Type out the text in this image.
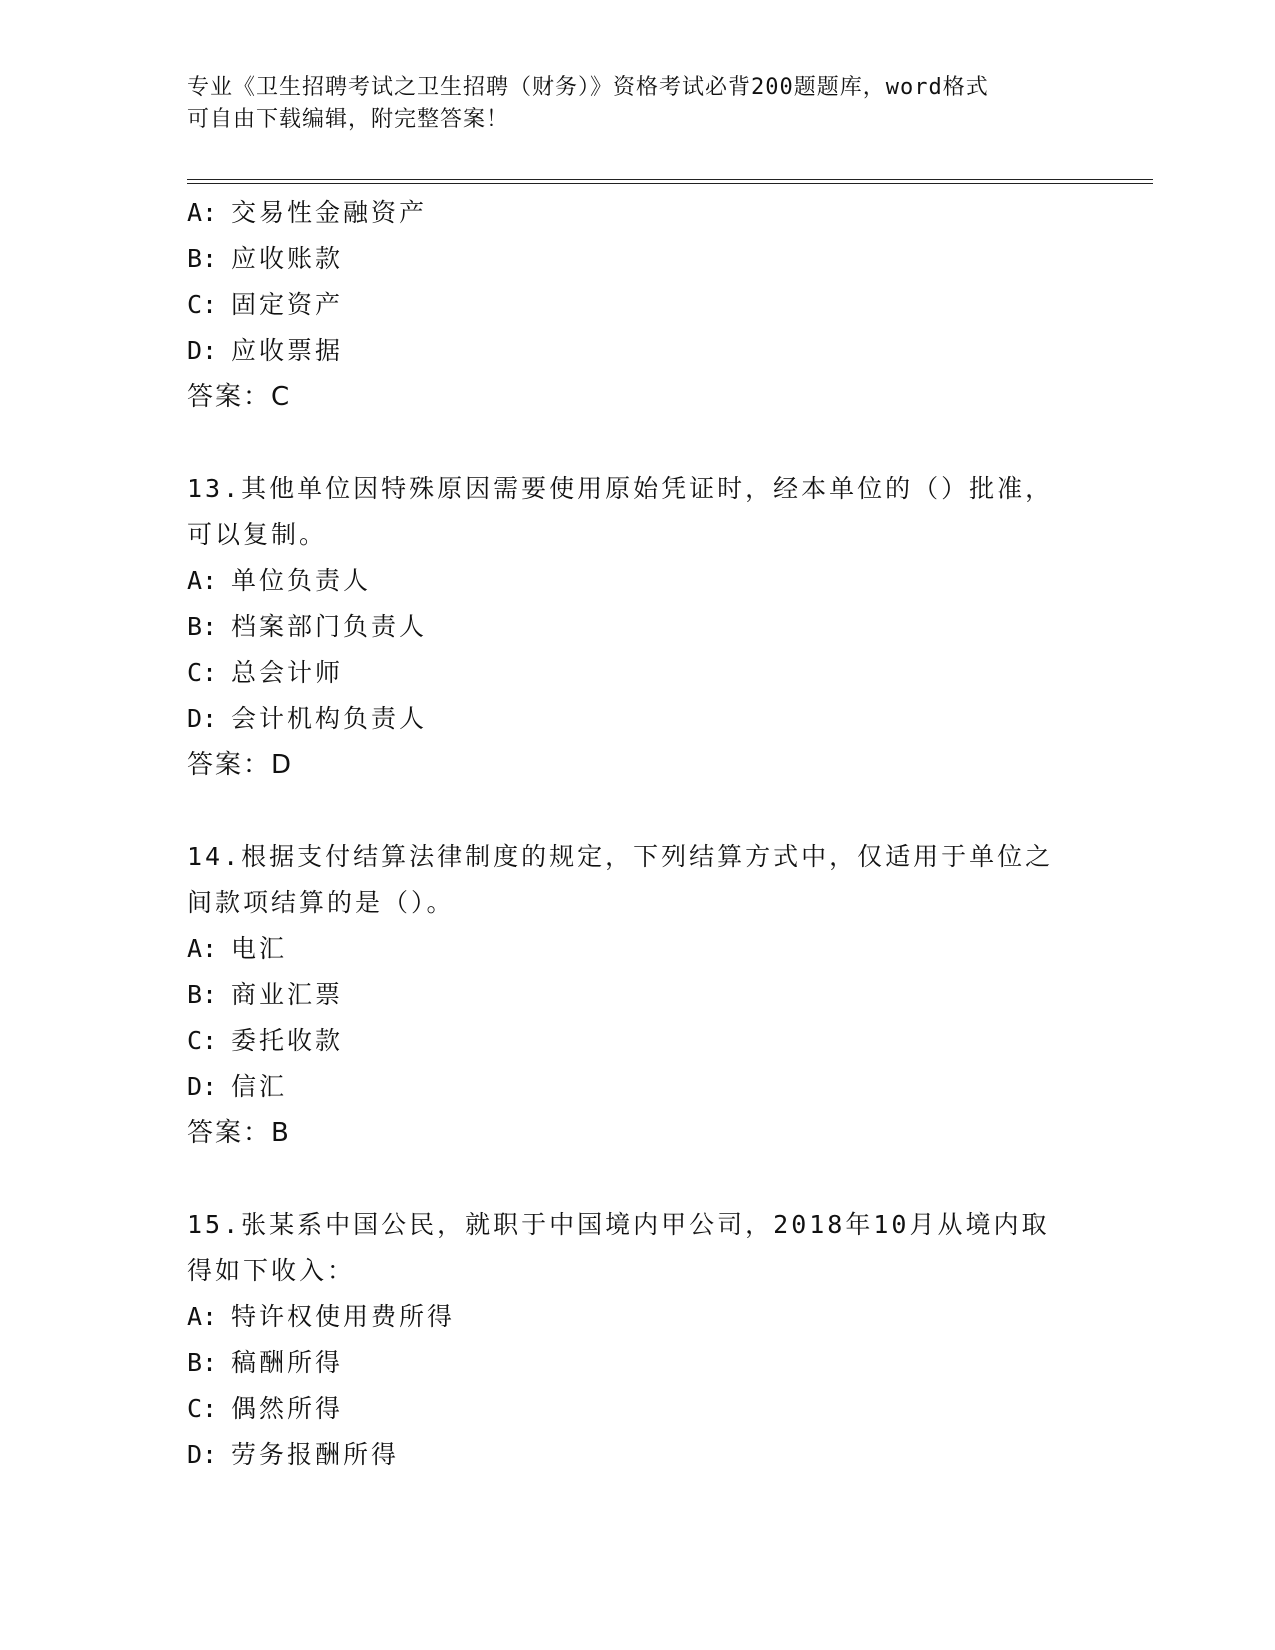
专业《卫生招聘考试之卫生招聘（财务）》资格考试必背200题题库，word格式
可自由下载编辑，附完整答案！
A: 交易性金融资产
B: 应收账款
C: 固定资产
D: 应收票据
答案：C
13.其他单位因特殊原因需要使用原始凭证时，经本单位的（）批准，
可以复制。
A: 单位负责人
B: 档案部门负责人
C: 总会计师
D: 会计机构负责人
答案：D
14.根据支付结算法律制度的规定，下列结算方式中，仅适用于单位之
间款项结算的是（）。
A: 电汇
B: 商业汇票
C: 委托收款
D: 信汇
答案：B
15.张某系中国公民，就职于中国境内甲公司，2018年10月从境内取
得如下收入：
A: 特许权使用费所得
B: 稿酬所得
C: 偶然所得
D: 劳务报酬所得
